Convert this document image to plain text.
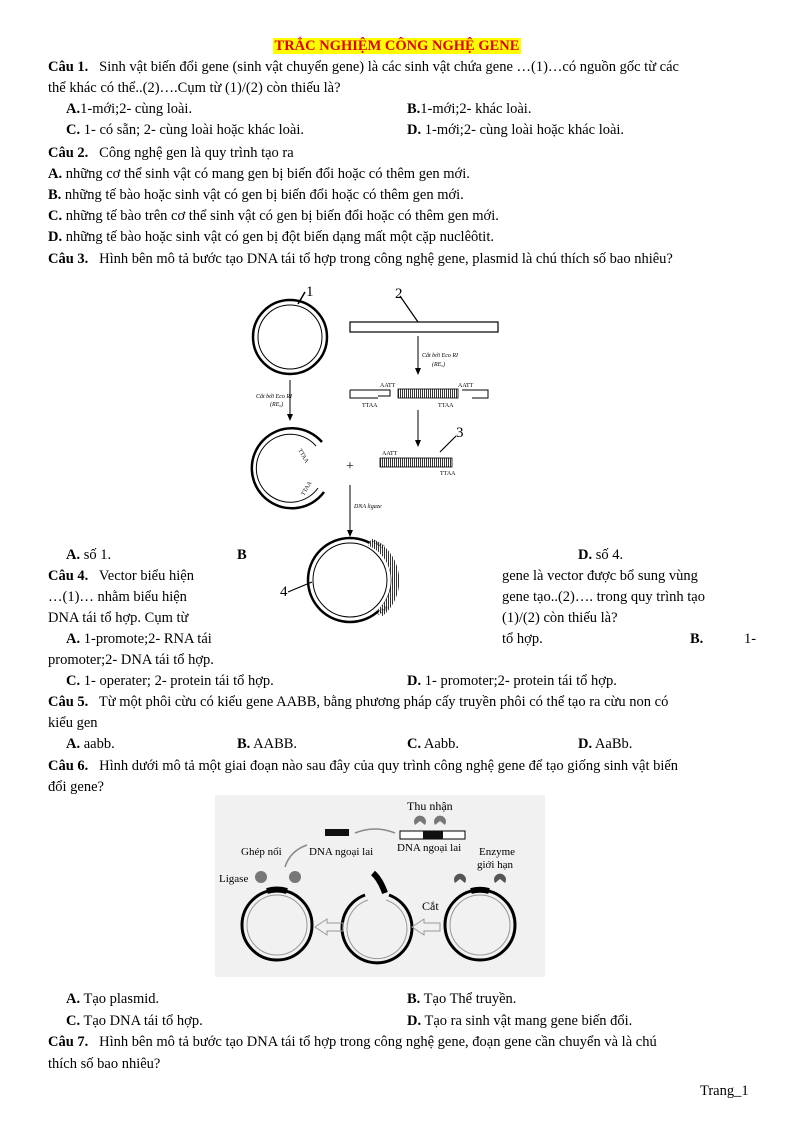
TRẮC NGHIỆM CÔNG NGHỆ GENE
Câu 1. Sinh vật biến đổi gene (sinh vật chuyển gene) là các sinh vật chứa gene …(1)…có nguồn gốc từ các
thể khác có thể..(2)….Cụm từ (1)/(2) còn thiếu là?
A.1-mới;2- cùng loài.	B.1-mới;2- khác loài.
C. 1- có sẵn; 2- cùng loài hoặc khác loài.	D. 1-mới;2- cùng loài hoặc khác loài.
Câu 2. Công nghệ gen là quy trình tạo ra
A. những cơ thể sinh vật có mang gen bị biến đổi hoặc có thêm gen mới.
B. những tế bào hoặc sinh vật có gen bị biến đổi hoặc có thêm gen mới.
C. những tế bào trên cơ thể sinh vật có gen bị biến đổi hoặc có thêm gen mới.
D. những tế bào hoặc sinh vật có gen bị đột biến dạng mất một cặp nuclêôtit.
Câu 3. Hình bên mô tả bước tạo DNA tái tổ hợp trong công nghệ gene, plasmid là chú thích số bao nhiêu?
1	2
Cắt bởi Eco RI
(REₐ)
AATT	AATT
TTAA	TTAA
Cắt bởi Eco RI
(REₐ)
TTAA
TTAA
+
AATT
TTAA
3
DNA ligaze
AATT
TTAA
4
A. số 1.	B	D. số 4.
Câu 4. Vector biểu hiện	gene là vector được bổ sung vùng
…(1)… nhằm biểu hiện	gene tạo..(2)…. trong quy trình tạo
DNA tái tổ hợp. Cụm từ	(1)/(2) còn thiếu là?
A. 1-promote;2- RNA tái	tổ hợp.	B.	1-
promoter;2- DNA tái tổ hợp.
C. 1- operater; 2- protein tái tổ hợp.	D. 1- promoter;2- protein tái tổ hợp.
Câu 5. Từ một phôi cừu có kiểu gene AABB, bằng phương pháp cấy truyền phôi có thể tạo ra cừu non có
kiểu gen
A. aabb.	B. AABB.	C. Aabb.	D. AaBb.
Câu 6. Hình dưới mô tả một giai đoạn nào sau đây của quy trình công nghệ gene để tạo giống sinh vật biến
đổi gene?
Thu nhận
Ghép nối DNA ngoại lai DNA ngoại lai Enzyme
giới hạn
Ligase
Cắt
A. Tạo plasmid.	B. Tạo Thể truyền.
C. Tạo DNA tái tổ hợp.	D. Tạo ra sinh vật mang gene biến đổi.
Câu 7. Hình bên mô tả bước tạo DNA tái tổ hợp trong công nghệ gene, đoạn gene cần chuyển và là chú
thích số bao nhiêu?
Trang_1
